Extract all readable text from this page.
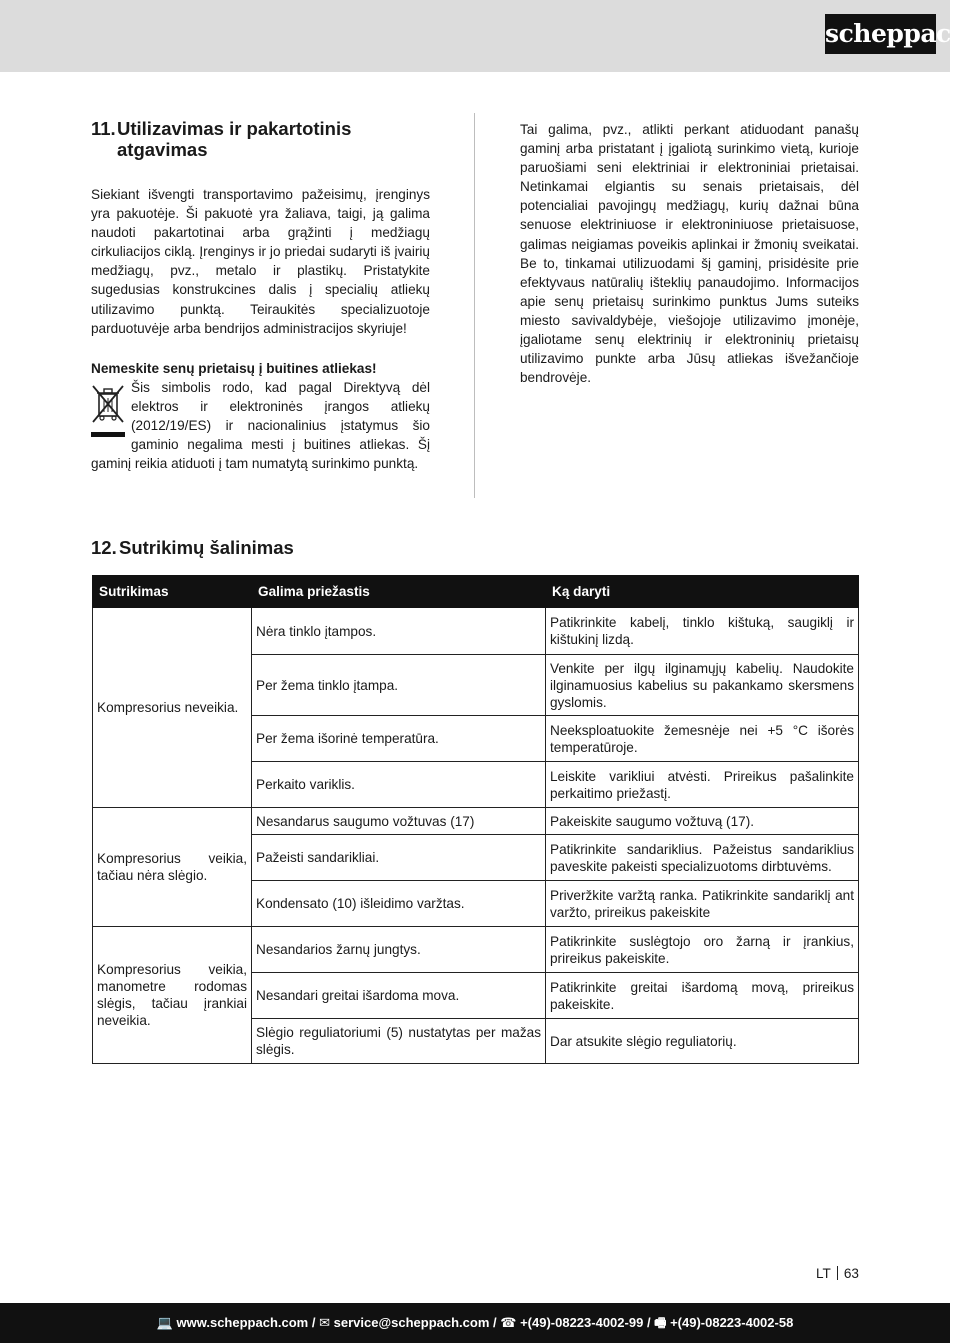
scheppach
11. Utilizavimas ir pakartotinis
atgavimas

Siekiant išvengti transportavimo pažeisimų, įrenginys yra pakuotėje. Ši pakuotė yra žaliava, taigi, ją galima naudoti pakartotinai arba grąžinti į medžiagų cirkuliacijos ciklą. Įrenginys ir jo priedai sudaryti iš įvairių medžiagų, pvz., metalo ir plastikų. Pristatykite sugedusias konstrukcines dalis į specialių atliekų utilizavimo punktą. Teiraukitės specializuotoje parduotuvėje arba bendrijos administracijos skyriuje!

Nemeskite senų prietaisų į buitines atliekas!

Šis simbolis rodo, kad pagal Direktyvą dėl elektros ir elektroninės įrangos atliekų (2012/19/ES) ir nacionalinius įstatymus šio gaminio negalima mesti į buitines atliekas. Šį gaminį reikia atiduoti į tam numatytą surinkimo punktą.

Tai galima, pvz., atlikti perkant atiduodant panašų gaminį arba pristatant į įgaliotą surinkimo vietą, kurioje paruošiami seni elektriniai ir elektroniniai prietaisai. Netinkamai elgiantis su senais prietaisais, dėl potencialiai pavojingų medžiagų, kurių dažnai būna senuose elektriniuose ir elektroniniuose prietaisuose, galimas neigiamas poveikis aplinkai ir žmonių sveikatai. Be to, tinkamai utilizuodami šį gaminį, prisidėsite prie efektyvaus natūralių išteklių panaudojimo. Informacijos apie senų prietaisų surinkimo punktus Jums suteiks miesto savivaldybėje, viešojoje utilizavimo įmonėje, įgaliotame senų elektrinių ir elektroninių prietaisų utilizavimo punkte arba Jūsų atliekas išvežančioje bendrovėje.

12. Sutrikimų šalinimas
Sutrikimas	Galima priežastis	Ką daryti
Kompresorius neveikia.	Nėra tinklo įtampos.	Patikrinkite kabelį, tinklo kištuką, saugiklį ir kištukinį lizdą.
	Per žema tinklo įtampa.	Venkite per ilgų ilginamųjų kabelių. Naudokite ilginamuosius kabelius su pakankamo skersmens gyslomis.
	Per žema išorinė temperatūra.	Neeksploatuokite žemesnėje nei +5 °C išorės temperatūroje.
	Perkaito variklis.	Leiskite varikliui atvėsti. Prireikus pašalinkite perkaitimo priežastį.
Kompresorius veikia, tačiau nėra slėgio.	Nesandarus saugumo vožtuvas (17)	Pakeiskite saugumo vožtuvą (17).
	Pažeisti sandarikliai.	Patikrinkite sandariklius. Pažeistus sandariklius paveskite pakeisti specializuotoms dirbtuvėms.
	Kondensato (10) išleidimo varžtas.	Priveržkite varžtą ranka. Patikrinkite sandariklį ant varžto, prireikus pakeiskite
Kompresorius veikia, manometre rodomas slėgis, tačiau įrankiai neveikia.	Nesandarios žarnų jungtys.	Patikrinkite suslėgtojo oro žarną ir įrankius, prireikus pakeiskite.
	Nesandari greitai išardoma mova.	Patikrinkite greitai išardomą movą, prireikus pakeiskite.
	Slėgio reguliatoriumi (5) nustatytas per mažas slėgis.	Dar atsukite slėgio reguliatorių.
LT 63
💻 www.scheppach.com / ✉ service@scheppach.com / ☎ +(49)-08223-4002-99 / 🖷 +(49)-08223-4002-58
